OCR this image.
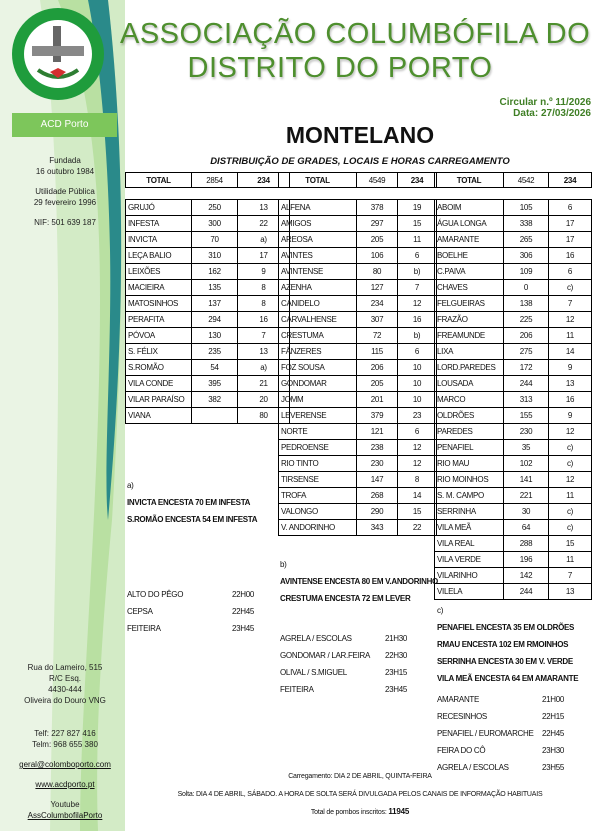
ASSOCIAÇÃO COLUMBÓFILA DO
DISTRITO DO PORTO
Circular n.º 11/2026
Data: 27/03/2026
ACD Porto
Fundada
16 outubro 1984
Utilidade Pública
29 fevereiro 1996
NIF: 501 639 187
Rua do Lameiro, 515
R/C Esq.
4430-444
Oliveira do Douro VNG
Telf: 227 827 416
Telm: 968 655 380
geral@colomboporto.com
www.acdporto.pt
Youtube
AssColumbofilaPorto
MONTELANO
DISTRIBUIÇÃO DE GRADES, LOCAIS E HORAS CARREGAMENTO
TOTAL	2854	234
GRUJÓ	250	13
INFESTA	300	22
INVICTA	70	a)
LEÇA BALIO	310	17
LEIXÕES	162	9
MACIEIRA	135	8
MATOSINHOS	137	8
PERAFITA	294	16
PÓVOA	130	7
S. FÉLIX	235	13
S.ROMÃO	54	a)
VILA CONDE	395	21
VILAR PARAÍSO	382	20
VIANA		80
TOTAL	4549	234
ALFENA	378	19
AMIGOS	297	15
AREOSA	205	11
AVINTES	106	6
AVINTENSE	80	b)
AZENHA	127	7
CANIDELO	234	12
CARVALHENSE	307	16
CRESTUMA	72	b)
FÂNZERES	115	6
FOZ SOUSA	206	10
GONDOMAR	205	10
JOMM	201	10
LEVERENSE	379	23
NORTE	121	6
PEDROENSE	238	12
RIO TINTO	230	12
TIRSENSE	147	8
TROFA	268	14
VALONGO	290	15
V. ANDORINHO	343	22
TOTAL	4542	234
ABOIM	105	6
ÁGUA LONGA	338	17
AMARANTE	265	17
BOELHE	306	16
C.PAIVA	109	6
CHAVES	0	c)
FELGUEIRAS	138	7
FRAZÃO	225	12
FREAMUNDE	206	11
LIXA	275	14
LORD.PAREDES	172	9
LOUSADA	244	13
MARCO	313	16
OLDRÕES	155	9
PAREDES	230	12
PENAFIEL	35	c)
RIO MAU	102	c)
RIO MOINHOS	141	12
S. M. CAMPO	221	11
SERRINHA	30	c)
VILA MEÃ	64	c)
VILA REAL	288	15
VILA VERDE	196	11
VILARINHO	142	7
VILELA	244	13
a)
INVICTA ENCESTA 70 EM INFESTA
S.ROMÃO ENCESTA 54 EM INFESTA
b)
AVINTENSE ENCESTA 80 EM V.ANDORINHO
CRESTUMA ENCESTA 72 EM LEVER
c)
PENAFIEL ENCESTA 35 EM OLDRÕES
RMAU ENCESTA 102 EM RMOINHOS
SERRINHA ENCESTA 30 EM V. VERDE
VILA MEÃ ENCESTA 64 EM AMARANTE
ALTO DO PÊGO	22H00
CEPSA	22H45
FEITEIRA	23H45
AGRELA / ESCOLAS	21H30
GONDOMAR / LAR.FEIRA 22H30
OLIVAL / S.MIGUEL	23H15
FEITEIRA	23H45
AMARANTE	21H00
RECESINHOS	22H15
PENAFIEL / EUROMARCHE 22H45
FEIRA DO CÔ	23H30
AGRELA / ESCOLAS	23H55
Carregamento: DIA 2 DE ABRIL, QUINTA-FEIRA
Solta: DIA 4 DE ABRIL, SÁBADO. A HORA DE SOLTA SERÁ DIVULGADA PELOS CANAIS DE INFORMAÇÃO HABITUAIS
Total de pombos inscritos: 11945
